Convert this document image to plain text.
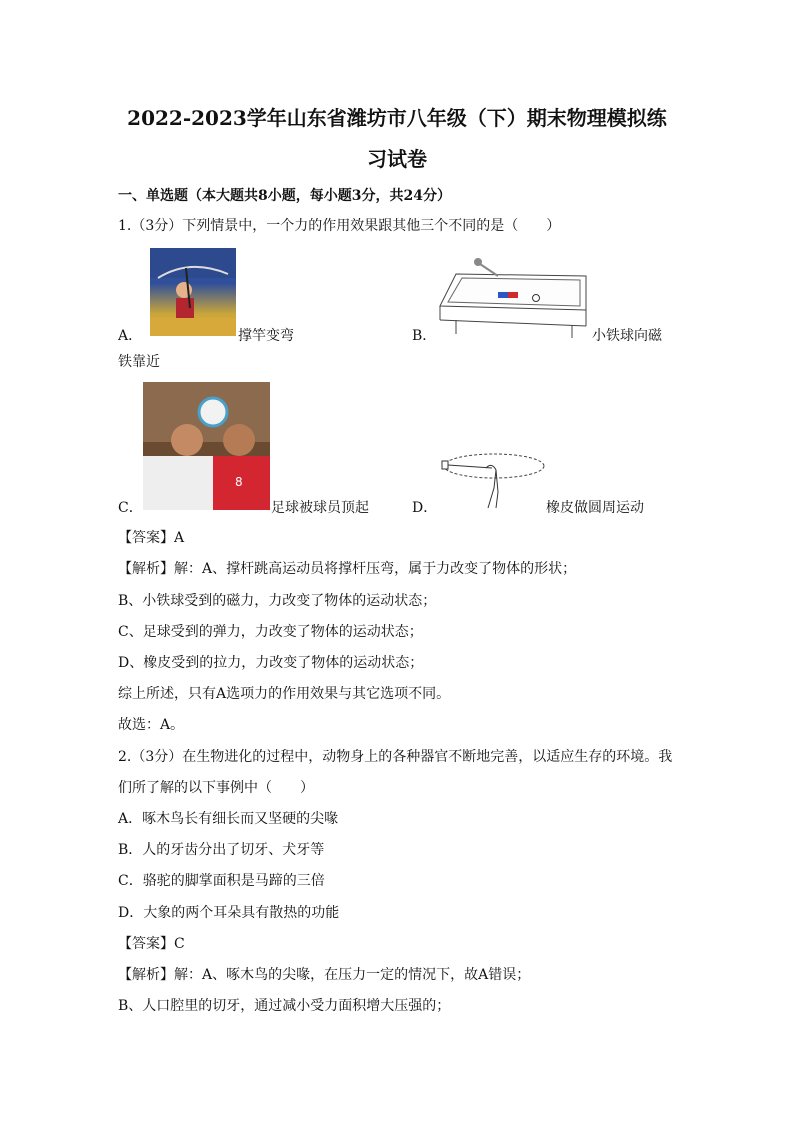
2022-2023学年山东省潍坊市八年级（下）期末物理模拟练
习试卷
一、单选题（本大题共8小题，每小题3分，共24分）
1.（3分）下列情景中，一个力的作用效果跟其他三个不同的是（　　）
A．	撑竿变弯	B．	小铁球向磁
铁靠近
8
C．	足球被球员顶起	D．	橡皮做圆周运动
【答案】A
【解析】解：A、撑杆跳高运动员将撑杆压弯，属于力改变了物体的形状；
B、小铁球受到的磁力，力改变了物体的运动状态；
C、足球受到的弹力，力改变了物体的运动状态；
D、橡皮受到的拉力，力改变了物体的运动状态；
综上所述，只有A选项力的作用效果与其它选项不同。
故选：A。
2.（3分）在生物进化的过程中，动物身上的各种器官不断地完善，以适应生存的环境。我
们所了解的以下事例中（　　）
A．啄木鸟长有细长而又坚硬的尖喙
B．人的牙齿分出了切牙、犬牙等
C．骆驼的脚掌面积是马蹄的三倍
D．大象的两个耳朵具有散热的功能
【答案】C
【解析】解：A、啄木鸟的尖喙，在压力一定的情况下，故A错误；
B、人口腔里的切牙，通过减小受力面积增大压强的；
